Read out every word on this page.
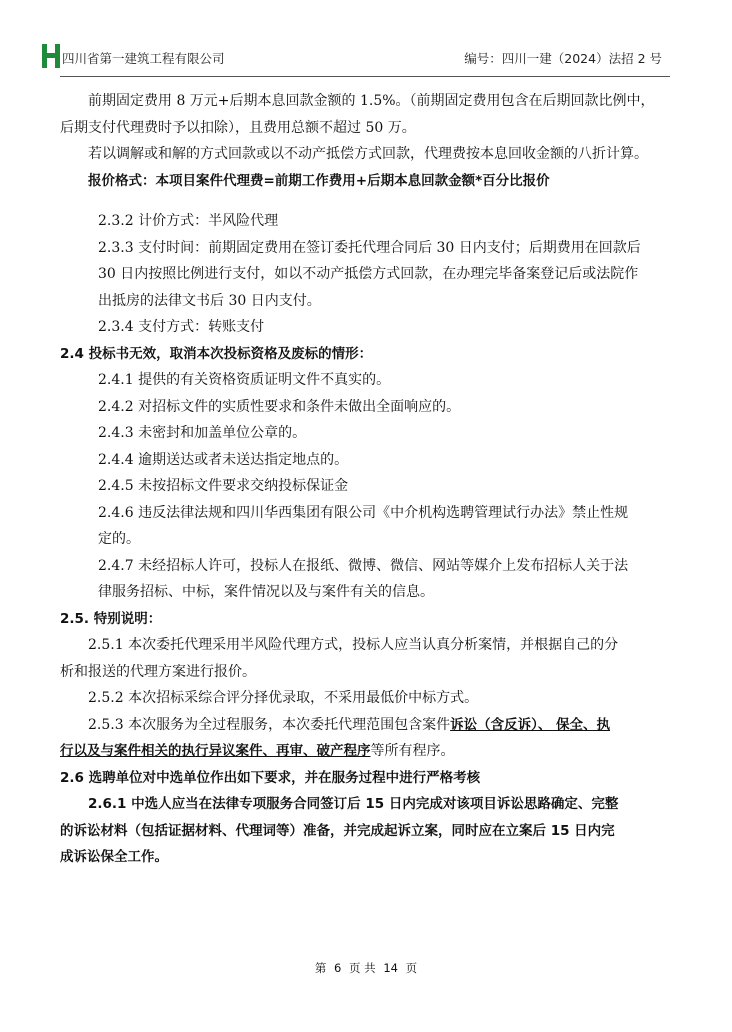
四川省第一建筑工程有限公司	编号：四川一建（2024）法招 2 号
前期固定费用 8 万元+后期本息回款金额的 1.5%。（前期固定费用包含在后期回款比例中，
后期支付代理费时予以扣除），且费用总额不超过 50 万。
若以调解或和解的方式回款或以不动产抵偿方式回款，代理费按本息回收金额的八折计算。
报价格式：本项目案件代理费=前期工作费用+后期本息回款金额*百分比报价
2.3.2 计价方式：半风险代理
2.3.3 支付时间：前期固定费用在签订委托代理合同后 30 日内支付；后期费用在回款后
30 日内按照比例进行支付，如以不动产抵偿方式回款，在办理完毕备案登记后或法院作
出抵房的法律文书后 30 日内支付。
2.3.4 支付方式：转账支付
2.4 投标书无效，取消本次投标资格及废标的情形：
2.4.1 提供的有关资格资质证明文件不真实的。
2.4.2 对招标文件的实质性要求和条件未做出全面响应的。
2.4.3 未密封和加盖单位公章的。
2.4.4 逾期送达或者未送达指定地点的。
2.4.5 未按招标文件要求交纳投标保证金
2.4.6 违反法律法规和四川华西集团有限公司《中介机构选聘管理试行办法》禁止性规
定的。
2.4.7 未经招标人许可，投标人在报纸、微博、微信、网站等媒介上发布招标人关于法
律服务招标、中标，案件情况以及与案件有关的信息。
2.5. 特别说明：
2.5.1 本次委托代理采用半风险代理方式，投标人应当认真分析案情，并根据自己的分
析和报送的代理方案进行报价。
2.5.2 本次招标采综合评分择优录取，不采用最低价中标方式。
2.5.3 本次服务为全过程服务，本次委托代理范围包含案件诉讼（含反诉）、 保全、执
行以及与案件相关的执行异议案件、再审、破产程序等所有程序。
2.6 选聘单位对中选单位作出如下要求，并在服务过程中进行严格考核
2.6.1 中选人应当在法律专项服务合同签订后 15 日内完成对该项目诉讼思路确定、完整
的诉讼材料（包括证据材料、代理词等）准备，并完成起诉立案，同时应在立案后 15 日内完
成诉讼保全工作。
第 6 页 共 14 页
